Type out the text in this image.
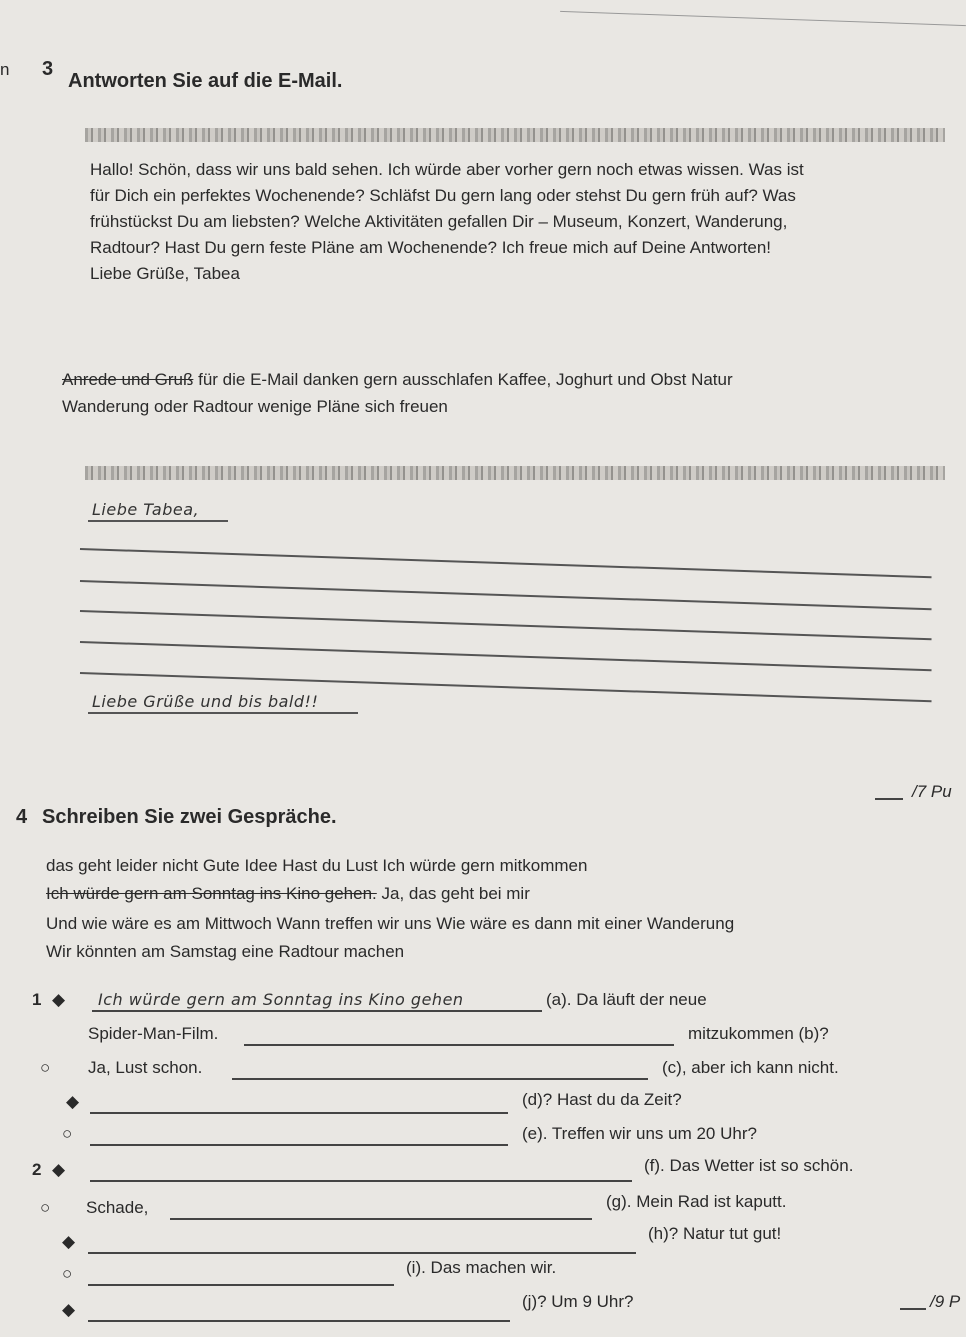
n 3
Antworten Sie auf die E-Mail.
Hallo! Schön, dass wir uns bald sehen. Ich würde aber vorher gern noch etwas wissen. Was ist
für Dich ein perfektes Wochenende? Schläfst Du gern lang oder stehst Du gern früh auf? Was
frühstückst Du am liebsten? Welche Aktivitäten gefallen Dir – Museum, Konzert, Wanderung,
Radtour? Hast Du gern feste Pläne am Wochenende? Ich freue mich auf Deine Antworten!
Liebe Grüße, Tabea
Anrede und Gruß für die E-Mail danken gern ausschlafen Kaffee, Joghurt und Obst Natur
Wanderung oder Radtour wenige Pläne sich freuen
Liebe Tabea,
Liebe Grüße und bis bald!!
/7 Pu
4 Schreiben Sie zwei Gespräche.
das geht leider nicht Gute Idee Hast du Lust Ich würde gern mitkommen
Ich würde gern am Sonntag ins Kino gehen. Ja, das geht bei mir
Und wie wäre es am Mittwoch Wann treffen wir uns Wie wäre es dann mit einer Wanderung
Wir könnten am Samstag eine Radtour machen
1 ◆ Ich würde gern am Sonntag ins Kino gehen	(a). Da läuft der neue
Spider-Man-Film.	mitzukommen (b)?
○ Ja, Lust schon.	(c), aber ich kann nicht.
◆	(d)? Hast du da Zeit?
○	(e). Treffen wir uns um 20 Uhr?
2 ◆	(f). Das Wetter ist so schön.
○ Schade,	(g). Mein Rad ist kaputt.
◆	(h)? Natur tut gut!
○	(i). Das machen wir.
◆	(j)? Um 9 Uhr?	/9 P
